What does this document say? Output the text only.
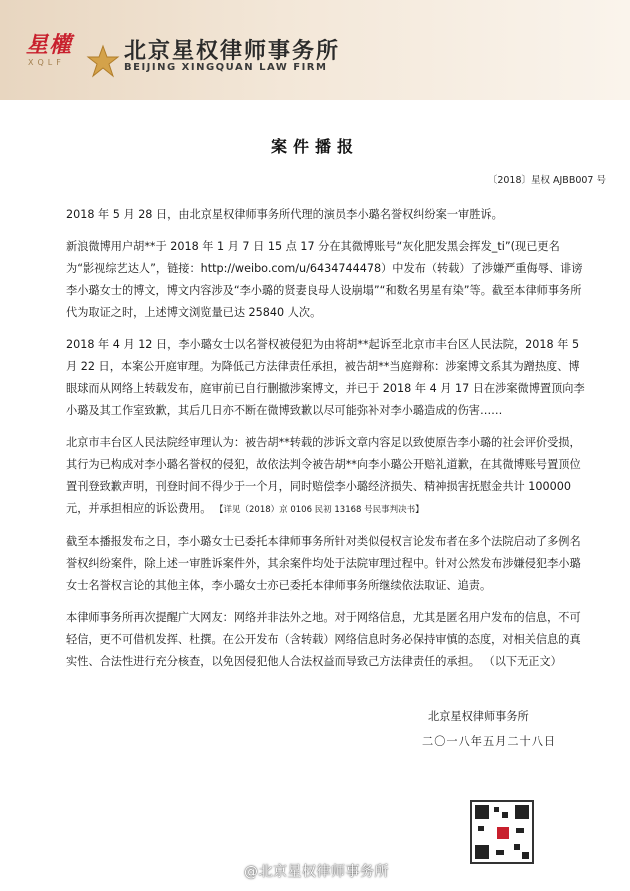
星權
XQLF	北京星权律师事务所
BEIJING XINGQUAN LAW FIRM
案件播报
〔2018〕星权 AJBB007 号

2018 年 5 月 28 日，由北京星权律师事务所代理的演员李小璐名誉权纠纷案一审胜诉。

新浪微博用户胡**于 2018 年 1 月 7 日 15 点 17 分在其微博账号“灰化肥发黑会挥发_ti”(现已更名为“影视综艺达人”，链接：http://weibo.com/u/6434744478）中发布（转载）了涉嫌严重侮辱、诽谤李小璐女士的博文，博文内容涉及“李小璐的贤妻良母人设崩塌”“和数名男星有染”等。截至本律师事务所代为取证之时，上述博文浏览量已达 25840 人次。

2018 年 4 月 12 日，李小璐女士以名誉权被侵犯为由将胡**起诉至北京市丰台区人民法院，2018 年 5 月 22 日，本案公开庭审理。为降低己方法律责任承担，被告胡**当庭辩称：涉案博文系其为蹭热度、博眼球而从网络上转载发布，庭审前已自行删撤涉案博文，并已于 2018 年 4 月 17 日在涉案微博置顶向李小璐及其工作室致歉，其后几日亦不断在微博致歉以尽可能弥补对李小璐造成的伤害……

北京市丰台区人民法院经审理认为：被告胡**转载的涉诉文章内容足以致使原告李小璐的社会评价受损，其行为已构成对李小璐名誉权的侵犯，故依法判令被告胡**向李小璐公开赔礼道歉，在其微博账号置顶位置刊登致歉声明，刊登时间不得少于一个月，同时赔偿李小璐经济损失、精神损害抚慰金共计 100000 元，并承担相应的诉讼费用。 【详见（2018）京 0106 民初 13168 号民事判决书】

截至本播报发布之日，李小璐女士已委托本律师事务所针对类似侵权言论发布者在多个法院启动了多例名誉权纠纷案件，除上述一审胜诉案件外，其余案件均处于法院审理过程中。针对公然发布涉嫌侵犯李小璐女士名誉权言论的其他主体，李小璐女士亦已委托本律师事务所继续依法取证、追责。

本律师事务所再次提醒广大网友：网络并非法外之地。对于网络信息，尤其是匿名用户发布的信息，不可轻信，更不可借机发挥、杜撰。在公开发布（含转载）网络信息时务必保持审慎的态度，对相关信息的真实性、合法性进行充分核查，以免因侵犯他人合法权益而导致己方法律责任的承担。 （以下无正文）

北京星权律师事务所
二〇一八年五月二十八日
@北京星权律师事务所
